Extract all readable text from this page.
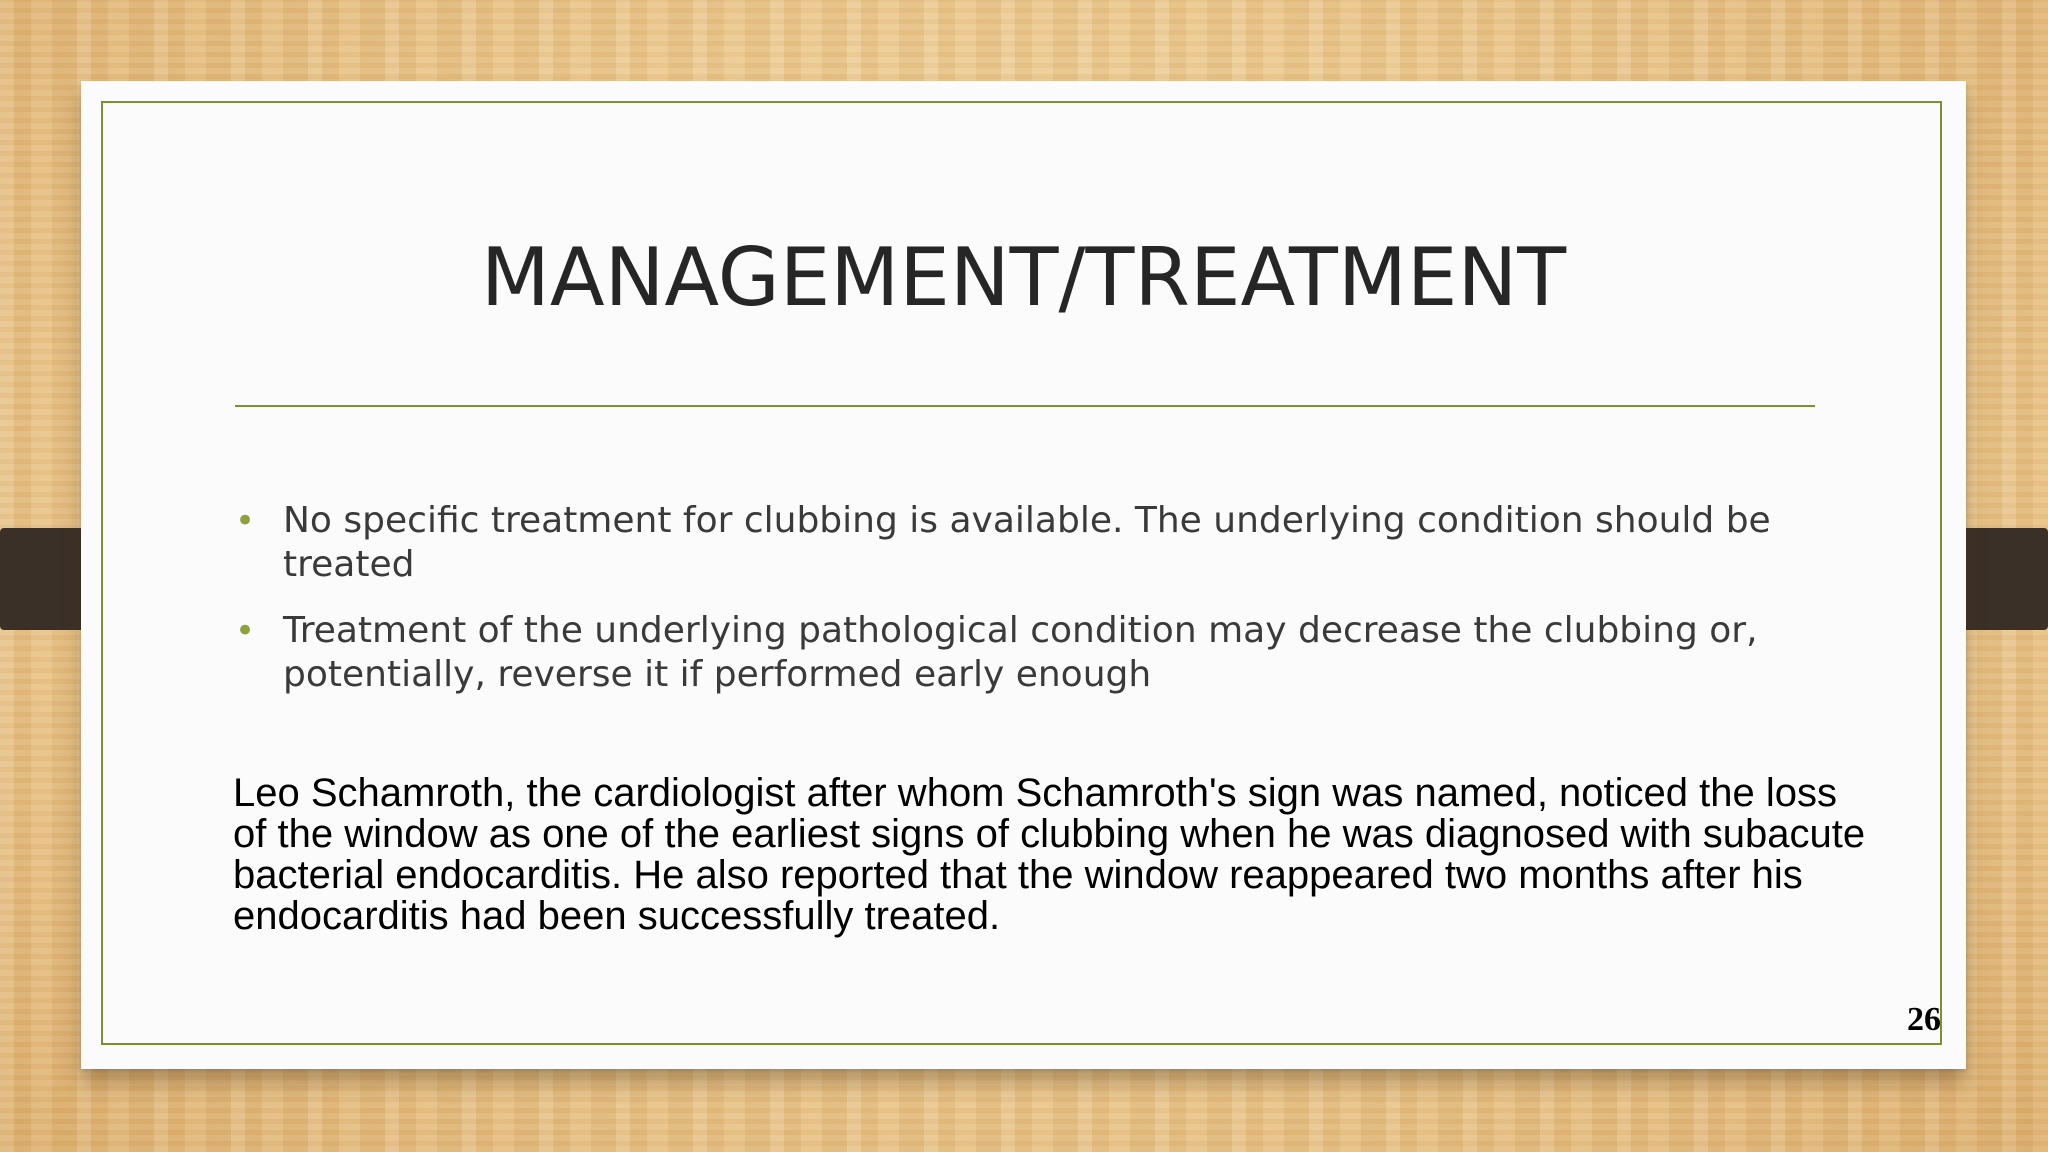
MANAGEMENT/TREATMENT
• No specific treatment for clubbing is available. The underlying condition should be treated
• Treatment of the underlying pathological condition may decrease the clubbing or, potentially, reverse it if performed early enough

Leo Schamroth, the cardiologist after whom Schamroth's sign was named, noticed the loss of the window as one of the earliest signs of clubbing when he was diagnosed with subacute bacterial endocarditis. He also reported that the window reappeared two months after his endocarditis had been successfully treated.

26
